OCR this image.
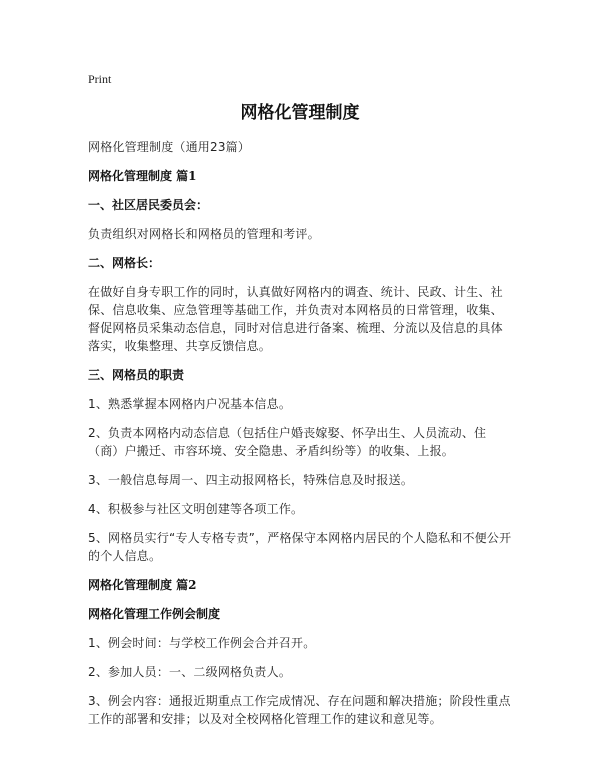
Print
网格化管理制度
网格化管理制度（通用23篇）
网格化管理制度 篇1
一、社区居民委员会：
负责组织对网格长和网格员的管理和考评。
二、网格长：
在做好自身专职工作的同时，认真做好网格内的调查、统计、民政、计生、社保、信息收集、应急管理等基础工作，并负责对本网格员的日常管理，收集、督促网格员采集动态信息，同时对信息进行备案、梳理、分流以及信息的具体落实，收集整理、共享反馈信息。
三、网格员的职责
1、熟悉掌握本网格内户况基本信息。
2、负责本网格内动态信息（包括住户婚丧嫁娶、怀孕出生、人员流动、住（商）户搬迁、市容环境、安全隐患、矛盾纠纷等）的收集、上报。
3、一般信息每周一、四主动报网格长，特殊信息及时报送。
4、积极参与社区文明创建等各项工作。
5、网格员实行“专人专格专责”，严格保守本网格内居民的个人隐私和不便公开的个人信息。
网格化管理制度 篇2
网格化管理工作例会制度
1、例会时间：与学校工作例会合并召开。
2、参加人员：一、二级网格负责人。
3、例会内容：通报近期重点工作完成情况、存在问题和解决措施；阶段性重点工作的部署和安排；以及对全校网格化管理工作的建议和意见等。
